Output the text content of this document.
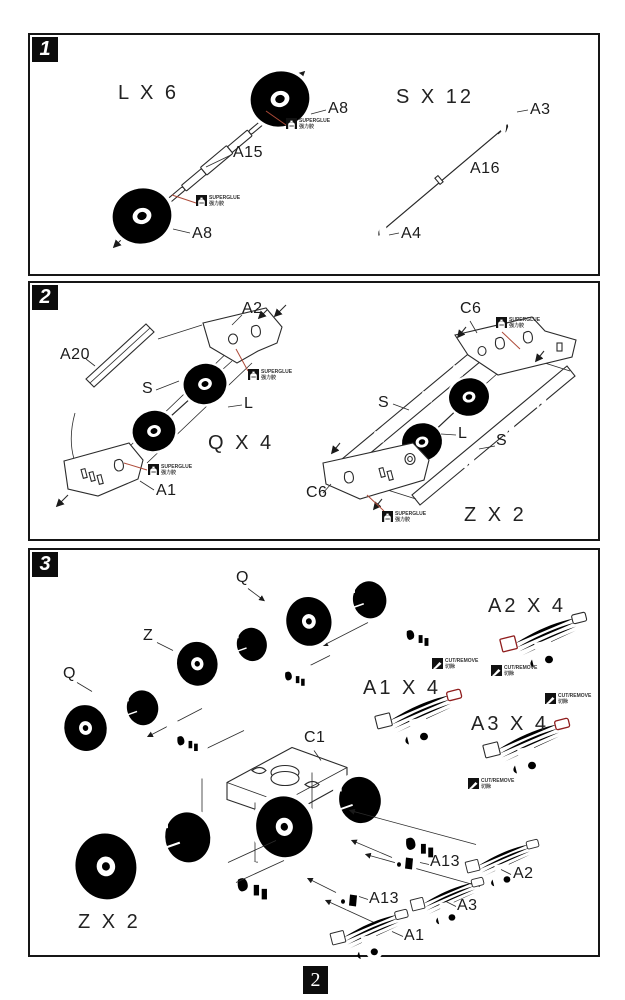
1
L X 6
A8
A15
A8
S X 12
A3
A16
A4
SUPERGLUE
强力胶
SUPERGLUE
强力胶
2
A2
A20
S
L
Q X 4
A1
C6
S
L S
C6
Z X 2
SUPERGLUE
强力胶
SUPERGLUE
强力胶
SUPERGLUE
强力胶
SUPERGLUE
强力胶
3
Q
Z
Q
A2 X 4
A1 X 4
A3 X 4
C1
A13
A2
A13	A3
A1
Z X 2
CUT/REMOVE
切除	CUT/REMOVE
切除
CUT/REMOVE
切除
CUT/REMOVE
切除
2
